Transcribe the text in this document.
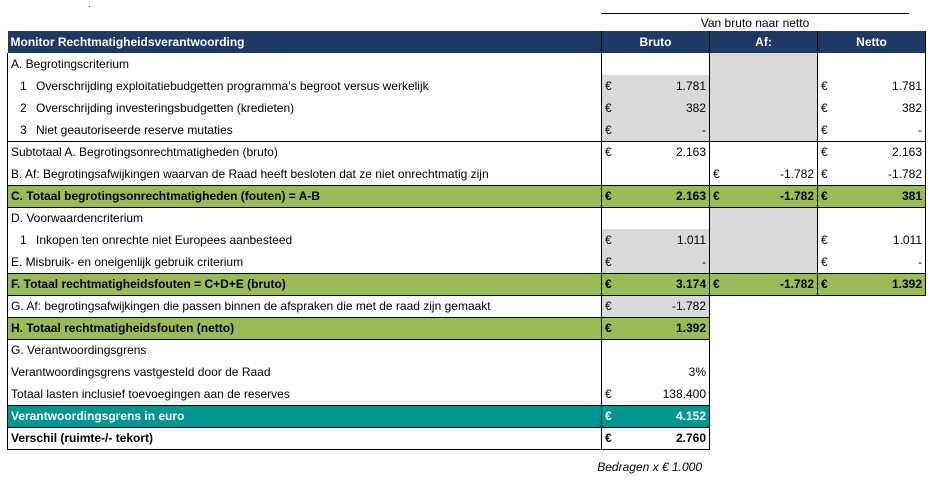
.
Van bruto naar netto
Monitor Rechtmatigheidsverantwoording	Bruto		Af:		Netto	
A. Begrotingscriterium						
1 Overschrijding exploitatiebudgetten programma’s begroot versus werkelijk	€	1.781			€	1.781
2 Overschrijding investeringsbudgetten (kredieten)	€	382			€	382
3 Niet geautoriseerde reserve mutaties	€	-			€	-
Subtotaal A. Begrotingsonrechtmatigheden (bruto)	€	2.163			€	2.163
B. Af: Begrotingsafwijkingen waarvan de Raad heeft besloten dat ze niet onrechtmatig zijn			€	-1.782	€	-1.782
C. Totaal begrotingsonrechtmatigheden (fouten) = A-B	€	2.163	€	-1.782	€	381
D. Voorwaardencriterium						
1 Inkopen ten onrechte niet Europees aanbesteed	€	1.011			€	1.011
E. Misbruik- en oneigenlijk gebruik criterium	€	-			€	-
F. Totaal rechtmatigheidsfouten = C+D+E (bruto)	€	3.174	€	-1.782	€	1.392
G. Af: begrotingsafwijkingen die passen binnen de afspraken die met de raad zijn gemaakt	€	-1.782				
H. Totaal rechtmatigheidsfouten (netto)	€	1.392				
G. Verantwoordingsgrens						
Verantwoordingsgrens vastgesteld door de Raad		3%				
Totaal lasten inclusief toevoegingen aan de reserves	€	138.400				
Verantwoordingsgrens in euro	€	4.152				
Verschil (ruimte-/- tekort)	€	2.760				
Bedragen x € 1.000
